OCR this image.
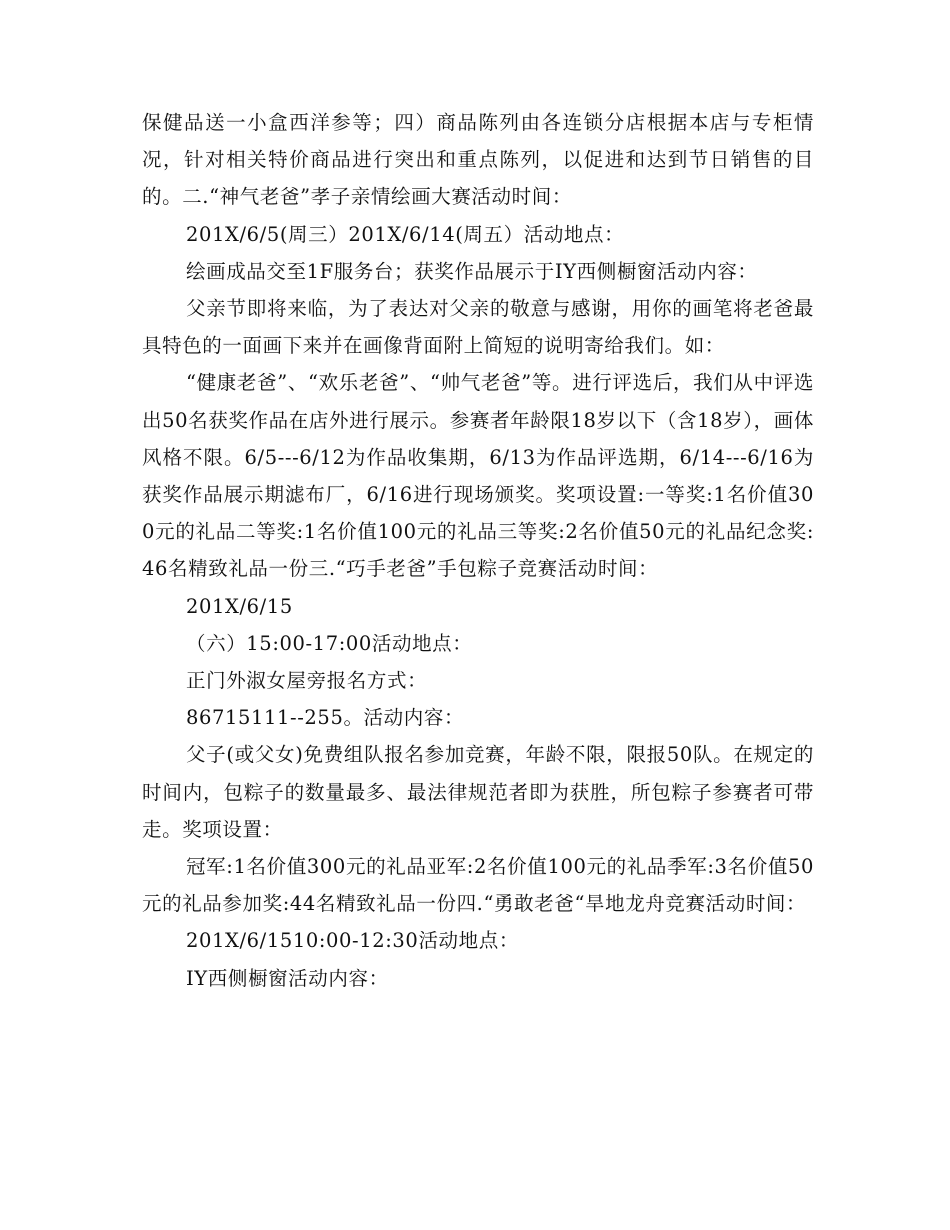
保健品送一小盒西洋参等；四）商品陈列由各连锁分店根据本店与专柜情况，针对相关特价商品进行突出和重点陈列，以促进和达到节日销售的目的。二.“神气老爸”孝子亲情绘画大赛活动时间：

201X/6/5(周三）201X/6/14(周五）活动地点：

绘画成品交至1F服务台；获奖作品展示于IY西侧橱窗活动内容：

父亲节即将来临，为了表达对父亲的敬意与感谢，用你的画笔将老爸最具特色的一面画下来并在画像背面附上简短的说明寄给我们。如：

“健康老爸”、“欢乐老爸”、“帅气老爸”等。进行评选后，我们从中评选出50名获奖作品在店外进行展示。参赛者年龄限18岁以下（含18岁），画体风格不限。6/5---6/12为作品收集期，6/13为作品评选期，6/14---6/16为获奖作品展示期滤布厂，6/16进行现场颁奖。奖项设置:一等奖:1名价值300元的礼品二等奖:1名价值100元的礼品三等奖:2名价值50元的礼品纪念奖:46名精致礼品一份三.“巧手老爸”手包粽子竞赛活动时间：

201X/6/15

（六）15:00-17:00活动地点：

正门外淑女屋旁报名方式：

86715111--255。活动内容：

父子(或父女)免费组队报名参加竞赛，年龄不限，限报50队。在规定的时间内，包粽子的数量最多、最法律规范者即为获胜，所包粽子参赛者可带走。奖项设置：

冠军:1名价值300元的礼品亚军:2名价值100元的礼品季军:3名价值50元的礼品参加奖:44名精致礼品一份四.“勇敢老爸“旱地龙舟竞赛活动时间：

201X/6/1510:00-12:30活动地点：

IY西侧橱窗活动内容：
